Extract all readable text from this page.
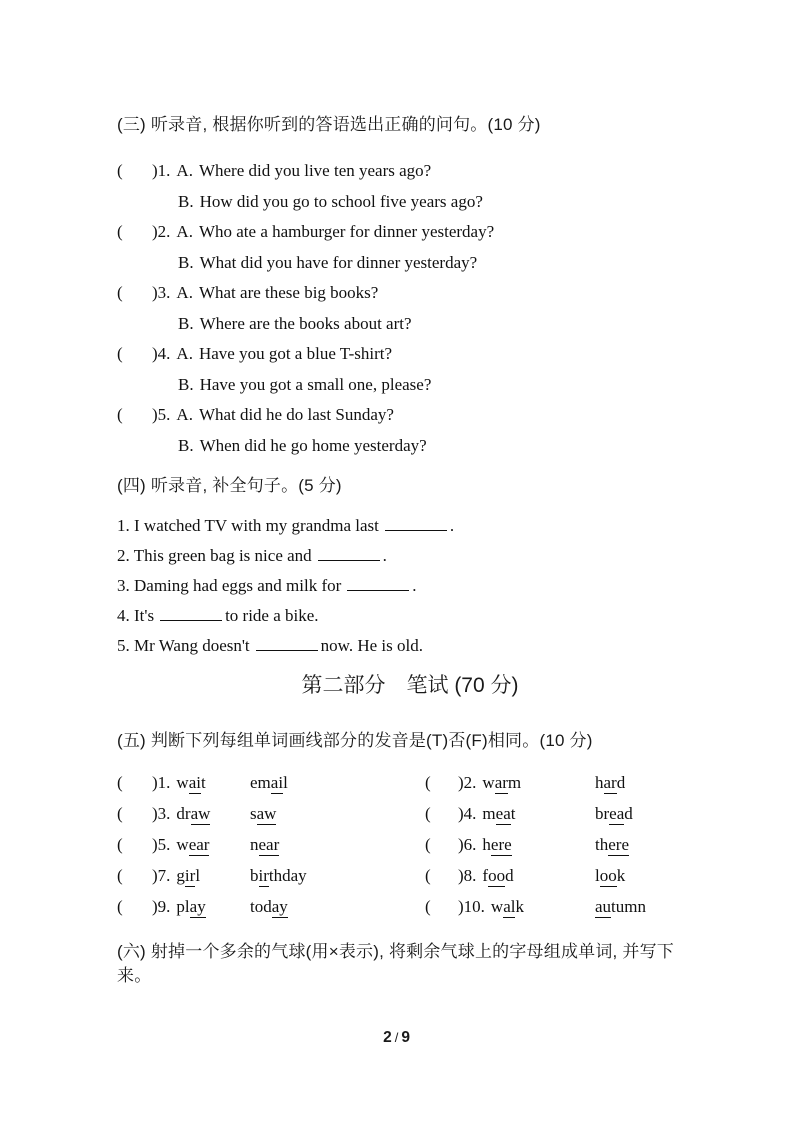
(三) 听录音, 根据你听到的答语选出正确的问句。(10 分)
( )1. A. Where did you live ten years ago?
B. How did you go to school five years ago?
( )2. A. Who ate a hamburger for dinner yesterday?
B. What did you have for dinner yesterday?
( )3. A. What are these big books?
B. Where are the books about art?
( )4. A. Have you got a blue T-shirt?
B. Have you got a small one, please?
( )5. A. What did he do last Sunday?
B. When did he go home yesterday?
(四) 听录音, 补全句子。(5 分)
1. I watched TV with my grandma last	.
2. This green bag is nice and	.
3. Daming had eggs and milk for	.
4. It's	to ride a bike.
5. Mr Wang doesn't	now. He is old.
第二部分　笔试 (70 分)
(五) 判断下列每组单词画线部分的发音是(T)否(F)相同。(10 分)
(	)1. wait	email	(	)2. warm	hard
(	)3. draw	saw	(	)4. meat	bread
(	)5. wear	near	(	)6. here	there
(	)7. girl	birthday	(	)8. food	look
(	)9. play	today	(	)10. walk	autumn
(六) 射掉一个多余的气球(用×表示), 将剩余气球上的字母组成单词, 并写下来。
2 / 9
